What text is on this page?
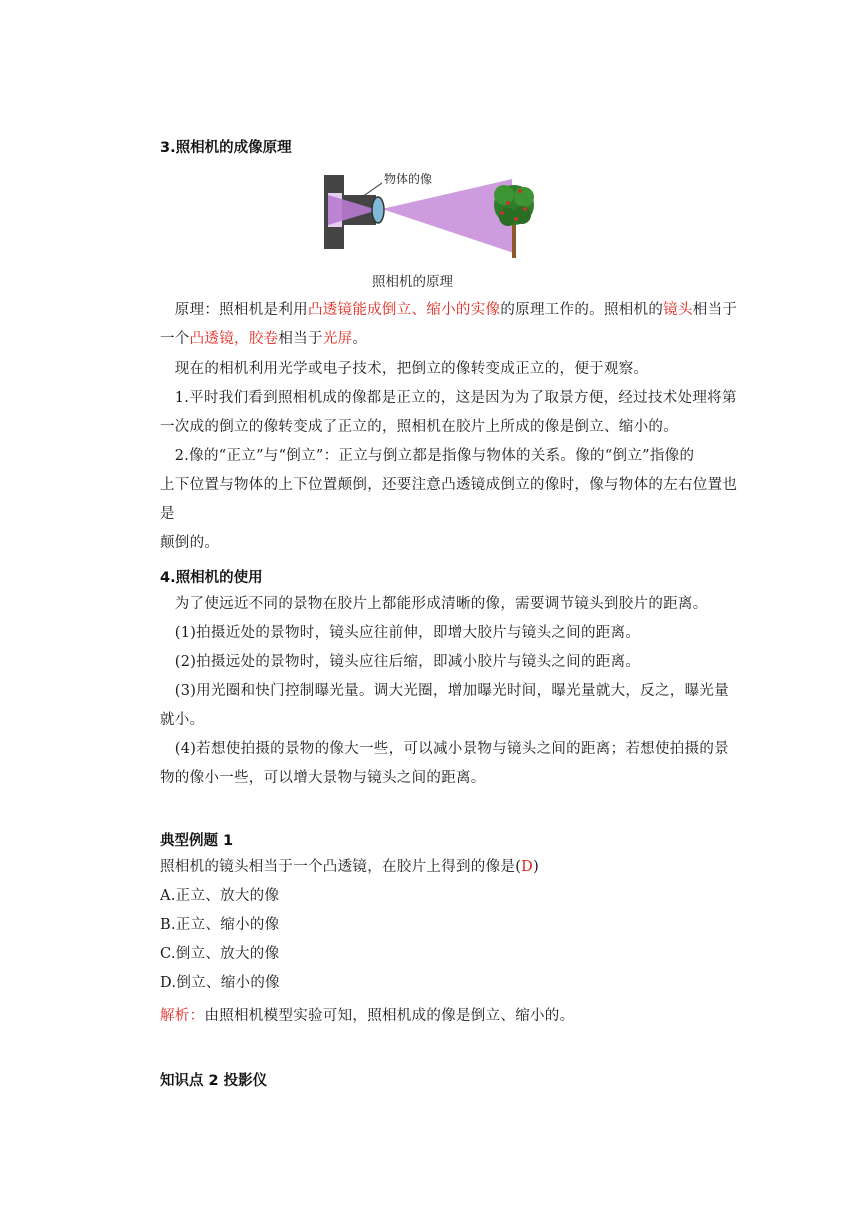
3.照相机的成像原理
物体的像
照相机的原理
原理：照相机是利用凸透镜能成倒立、缩小的实像的原理工作的。照相机的镜头相当于
一个凸透镜，胶卷相当于光屏。
现在的相机利用光学或电子技术，把倒立的像转变成正立的，便于观察。
1.平时我们看到照相机成的像都是正立的，这是因为为了取景方便，经过技术处理将第
一次成的倒立的像转变成了正立的，照相机在胶片上所成的像是倒立、缩小的。
2.像的“正立”与“倒立”：正立与倒立都是指像与物体的关系。像的“倒立”指像的
上下位置与物体的上下位置颠倒，还要注意凸透镜成倒立的像时，像与物体的左右位置也是
颠倒的。
4.照相机的使用
为了使远近不同的景物在胶片上都能形成清晰的像，需要调节镜头到胶片的距离。
(1)拍摄近处的景物时，镜头应往前伸，即增大胶片与镜头之间的距离。
(2)拍摄远处的景物时，镜头应往后缩，即减小胶片与镜头之间的距离。
(3)用光圈和快门控制曝光量。调大光圈，增加曝光时间，曝光量就大，反之，曝光量
就小。
(4)若想使拍摄的景物的像大一些，可以减小景物与镜头之间的距离；若想使拍摄的景
物的像小一些，可以增大景物与镜头之间的距离。
典型例题 1
照相机的镜头相当于一个凸透镜，在胶片上得到的像是(D)
A.正立、放大的像
B.正立、缩小的像
C.倒立、放大的像
D.倒立、缩小的像
解析：由照相机模型实验可知，照相机成的像是倒立、缩小的。
知识点 2 投影仪
